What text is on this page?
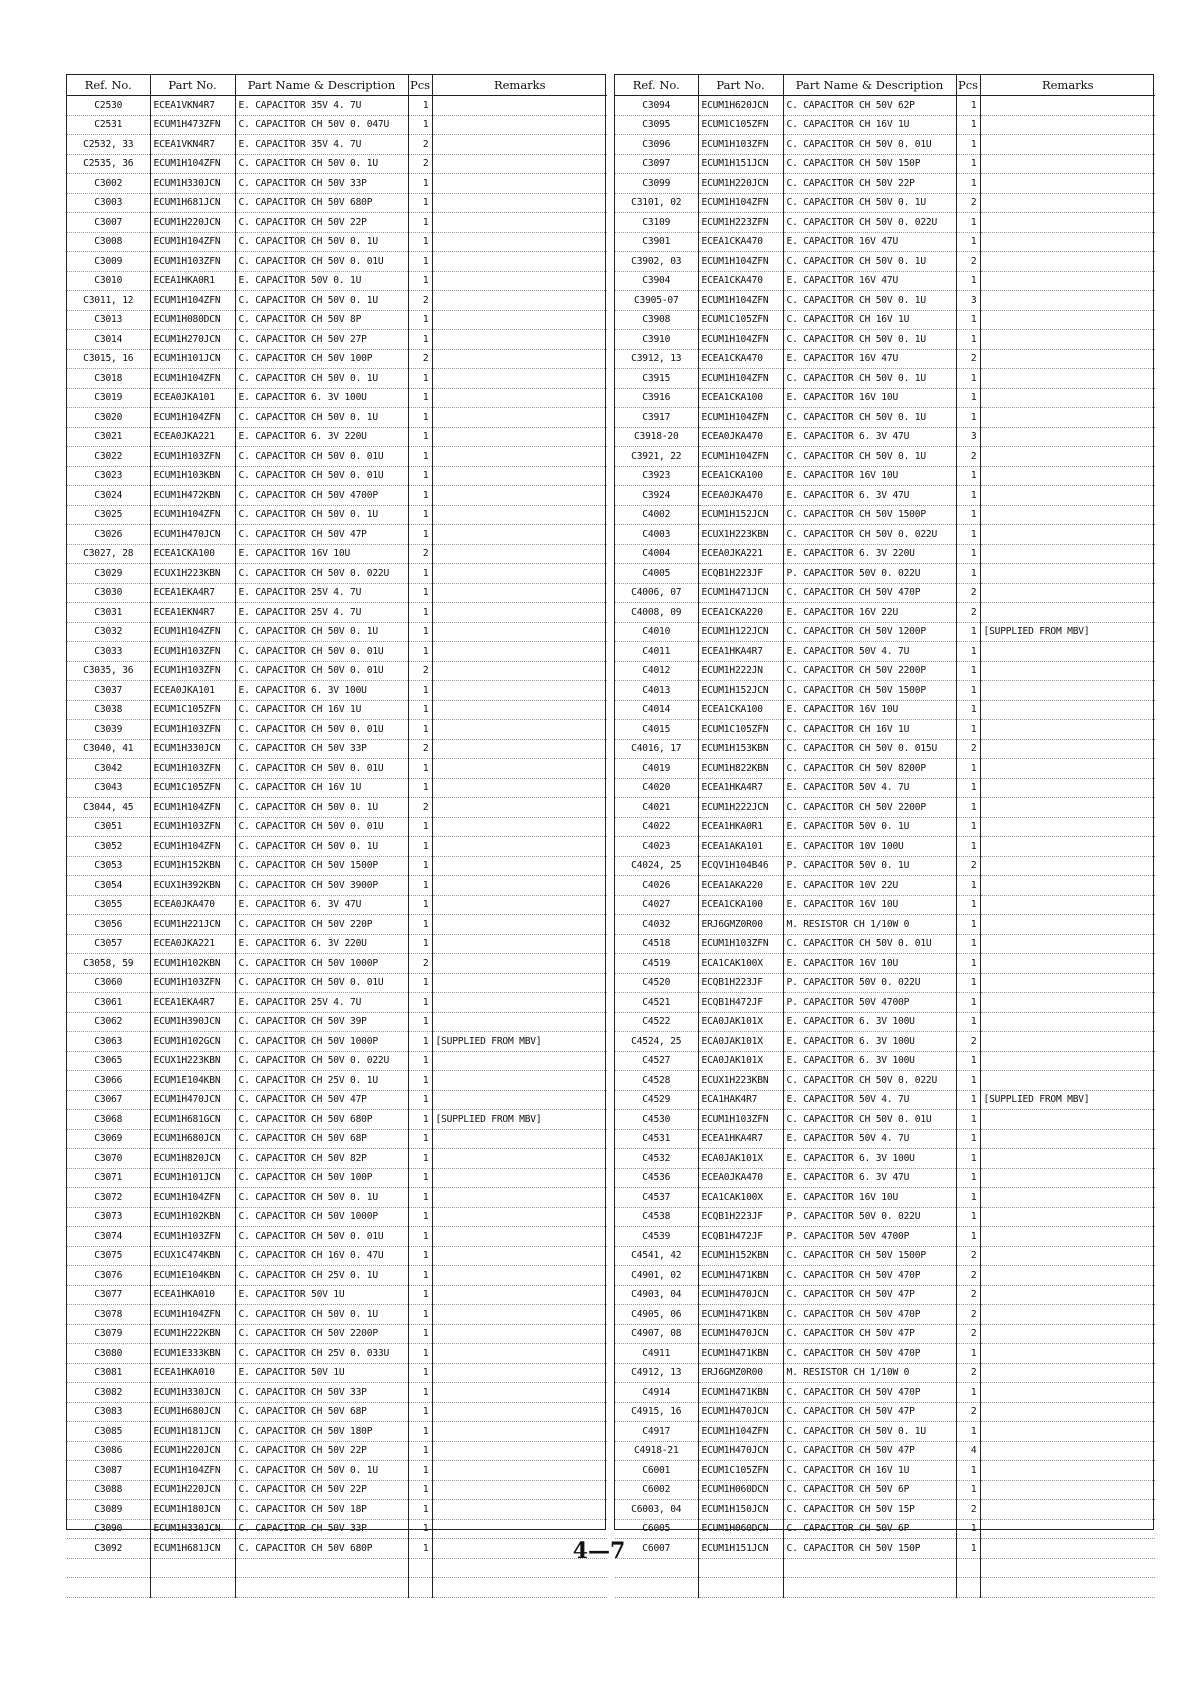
Ref. No.	Part No.	Part Name & Description	Pcs	Remarks
C2530	ECEA1VKN4R7	E. CAPACITOR 35V 4. 7U	1	
C2531	ECUM1H473ZFN	C. CAPACITOR CH 50V 0. 047U	1	
C2532, 33	ECEA1VKN4R7	E. CAPACITOR 35V 4. 7U	2	
C2535, 36	ECUM1H104ZFN	C. CAPACITOR CH 50V 0. 1U	2	
C3002	ECUM1H330JCN	C. CAPACITOR CH 50V 33P	1	
C3003	ECUM1H681JCN	C. CAPACITOR CH 50V 680P	1	
C3007	ECUM1H220JCN	C. CAPACITOR CH 50V 22P	1	
C3008	ECUM1H104ZFN	C. CAPACITOR CH 50V 0. 1U	1	
C3009	ECUM1H103ZFN	C. CAPACITOR CH 50V 0. 01U	1	
C3010	ECEA1HKA0R1	E. CAPACITOR 50V 0. 1U	1	
C3011, 12	ECUM1H104ZFN	C. CAPACITOR CH 50V 0. 1U	2	
C3013	ECUM1H080DCN	C. CAPACITOR CH 50V 8P	1	
C3014	ECUM1H270JCN	C. CAPACITOR CH 50V 27P	1	
C3015, 16	ECUM1H101JCN	C. CAPACITOR CH 50V 100P	2	
C3018	ECUM1H104ZFN	C. CAPACITOR CH 50V 0. 1U	1	
C3019	ECEA0JKA101	E. CAPACITOR 6. 3V 100U	1	
C3020	ECUM1H104ZFN	C. CAPACITOR CH 50V 0. 1U	1	
C3021	ECEA0JKA221	E. CAPACITOR 6. 3V 220U	1	
C3022	ECUM1H103ZFN	C. CAPACITOR CH 50V 0. 01U	1	
C3023	ECUM1H103KBN	C. CAPACITOR CH 50V 0. 01U	1	
C3024	ECUM1H472KBN	C. CAPACITOR CH 50V 4700P	1	
C3025	ECUM1H104ZFN	C. CAPACITOR CH 50V 0. 1U	1	
C3026	ECUM1H470JCN	C. CAPACITOR CH 50V 47P	1	
C3027, 28	ECEA1CKA100	E. CAPACITOR 16V 10U	2	
C3029	ECUX1H223KBN	C. CAPACITOR CH 50V 0. 022U	1	
C3030	ECEA1EKA4R7	E. CAPACITOR 25V 4. 7U	1	
C3031	ECEA1EKN4R7	E. CAPACITOR 25V 4. 7U	1	
C3032	ECUM1H104ZFN	C. CAPACITOR CH 50V 0. 1U	1	
C3033	ECUM1H103ZFN	C. CAPACITOR CH 50V 0. 01U	1	
C3035, 36	ECUM1H103ZFN	C. CAPACITOR CH 50V 0. 01U	2	
C3037	ECEA0JKA101	E. CAPACITOR 6. 3V 100U	1	
C3038	ECUM1C105ZFN	C. CAPACITOR CH 16V 1U	1	
C3039	ECUM1H103ZFN	C. CAPACITOR CH 50V 0. 01U	1	
C3040, 41	ECUM1H330JCN	C. CAPACITOR CH 50V 33P	2	
C3042	ECUM1H103ZFN	C. CAPACITOR CH 50V 0. 01U	1	
C3043	ECUM1C105ZFN	C. CAPACITOR CH 16V 1U	1	
C3044, 45	ECUM1H104ZFN	C. CAPACITOR CH 50V 0. 1U	2	
C3051	ECUM1H103ZFN	C. CAPACITOR CH 50V 0. 01U	1	
C3052	ECUM1H104ZFN	C. CAPACITOR CH 50V 0. 1U	1	
C3053	ECUM1H152KBN	C. CAPACITOR CH 50V 1500P	1	
C3054	ECUX1H392KBN	C. CAPACITOR CH 50V 3900P	1	
C3055	ECEA0JKA470	E. CAPACITOR 6. 3V 47U	1	
C3056	ECUM1H221JCN	C. CAPACITOR CH 50V 220P	1	
C3057	ECEA0JKA221	E. CAPACITOR 6. 3V 220U	1	
C3058, 59	ECUM1H102KBN	C. CAPACITOR CH 50V 1000P	2	
C3060	ECUM1H103ZFN	C. CAPACITOR CH 50V 0. 01U	1	
C3061	ECEA1EKA4R7	E. CAPACITOR 25V 4. 7U	1	
C3062	ECUM1H390JCN	C. CAPACITOR CH 50V 39P	1	
C3063	ECUM1H102GCN	C. CAPACITOR CH 50V 1000P	1	[SUPPLIED FROM MBV]
C3065	ECUX1H223KBN	C. CAPACITOR CH 50V 0. 022U	1	
C3066	ECUM1E104KBN	C. CAPACITOR CH 25V 0. 1U	1	
C3067	ECUM1H470JCN	C. CAPACITOR CH 50V 47P	1	
C3068	ECUM1H681GCN	C. CAPACITOR CH 50V 680P	1	[SUPPLIED FROM MBV]
C3069	ECUM1H680JCN	C. CAPACITOR CH 50V 68P	1	
C3070	ECUM1H820JCN	C. CAPACITOR CH 50V 82P	1	
C3071	ECUM1H101JCN	C. CAPACITOR CH 50V 100P	1	
C3072	ECUM1H104ZFN	C. CAPACITOR CH 50V 0. 1U	1	
C3073	ECUM1H102KBN	C. CAPACITOR CH 50V 1000P	1	
C3074	ECUM1H103ZFN	C. CAPACITOR CH 50V 0. 01U	1	
C3075	ECUX1C474KBN	C. CAPACITOR CH 16V 0. 47U	1	
C3076	ECUM1E104KBN	C. CAPACITOR CH 25V 0. 1U	1	
C3077	ECEA1HKA010	E. CAPACITOR 50V 1U	1	
C3078	ECUM1H104ZFN	C. CAPACITOR CH 50V 0. 1U	1	
C3079	ECUM1H222KBN	C. CAPACITOR CH 50V 2200P	1	
C3080	ECUM1E333KBN	C. CAPACITOR CH 25V 0. 033U	1	
C3081	ECEA1HKA010	E. CAPACITOR 50V 1U	1	
C3082	ECUM1H330JCN	C. CAPACITOR CH 50V 33P	1	
C3083	ECUM1H680JCN	C. CAPACITOR CH 50V 68P	1	
C3085	ECUM1H181JCN	C. CAPACITOR CH 50V 180P	1	
C3086	ECUM1H220JCN	C. CAPACITOR CH 50V 22P	1	
C3087	ECUM1H104ZFN	C. CAPACITOR CH 50V 0. 1U	1	
C3088	ECUM1H220JCN	C. CAPACITOR CH 50V 22P	1	
C3089	ECUM1H180JCN	C. CAPACITOR CH 50V 18P	1	
C3090	ECUM1H330JCN	C. CAPACITOR CH 50V 33P	1	
C3092	ECUM1H681JCN	C. CAPACITOR CH 50V 680P	1	

Ref. No.	Part No.	Part Name & Description	Pcs	Remarks
C3094	ECUM1H620JCN	C. CAPACITOR CH 50V 62P	1	
C3095	ECUM1C105ZFN	C. CAPACITOR CH 16V 1U	1	
C3096	ECUM1H103ZFN	C. CAPACITOR CH 50V 0. 01U	1	
C3097	ECUM1H151JCN	C. CAPACITOR CH 50V 150P	1	
C3099	ECUM1H220JCN	C. CAPACITOR CH 50V 22P	1	
C3101, 02	ECUM1H104ZFN	C. CAPACITOR CH 50V 0. 1U	2	
C3109	ECUM1H223ZFN	C. CAPACITOR CH 50V 0. 022U	1	
C3901	ECEA1CKA470	E. CAPACITOR 16V 47U	1	
C3902, 03	ECUM1H104ZFN	C. CAPACITOR CH 50V 0. 1U	2	
C3904	ECEA1CKA470	E. CAPACITOR 16V 47U	1	
C3905-07	ECUM1H104ZFN	C. CAPACITOR CH 50V 0. 1U	3	
C3908	ECUM1C105ZFN	C. CAPACITOR CH 16V 1U	1	
C3910	ECUM1H104ZFN	C. CAPACITOR CH 50V 0. 1U	1	
C3912, 13	ECEA1CKA470	E. CAPACITOR 16V 47U	2	
C3915	ECUM1H104ZFN	C. CAPACITOR CH 50V 0. 1U	1	
C3916	ECEA1CKA100	E. CAPACITOR 16V 10U	1	
C3917	ECUM1H104ZFN	C. CAPACITOR CH 50V 0. 1U	1	
C3918-20	ECEA0JKA470	E. CAPACITOR 6. 3V 47U	3	
C3921, 22	ECUM1H104ZFN	C. CAPACITOR CH 50V 0. 1U	2	
C3923	ECEA1CKA100	E. CAPACITOR 16V 10U	1	
C3924	ECEA0JKA470	E. CAPACITOR 6. 3V 47U	1	
C4002	ECUM1H152JCN	C. CAPACITOR CH 50V 1500P	1	
C4003	ECUX1H223KBN	C. CAPACITOR CH 50V 0. 022U	1	
C4004	ECEA0JKA221	E. CAPACITOR 6. 3V 220U	1	
C4005	ECQB1H223JF	P. CAPACITOR 50V 0. 022U	1	
C4006, 07	ECUM1H471JCN	C. CAPACITOR CH 50V 470P	2	
C4008, 09	ECEA1CKA220	E. CAPACITOR 16V 22U	2	
C4010	ECUM1H122JCN	C. CAPACITOR CH 50V 1200P	1	[SUPPLIED FROM MBV]
C4011	ECEA1HKA4R7	E. CAPACITOR 50V 4. 7U	1	
C4012	ECUM1H222JN	C. CAPACITOR CH 50V 2200P	1	
C4013	ECUM1H152JCN	C. CAPACITOR CH 50V 1500P	1	
C4014	ECEA1CKA100	E. CAPACITOR 16V 10U	1	
C4015	ECUM1C105ZFN	C. CAPACITOR CH 16V 1U	1	
C4016, 17	ECUM1H153KBN	C. CAPACITOR CH 50V 0. 015U	2	
C4019	ECUM1H822KBN	C. CAPACITOR CH 50V 8200P	1	
C4020	ECEA1HKA4R7	E. CAPACITOR 50V 4. 7U	1	
C4021	ECUM1H222JCN	C. CAPACITOR CH 50V 2200P	1	
C4022	ECEA1HKA0R1	E. CAPACITOR 50V 0. 1U	1	
C4023	ECEA1AKA101	E. CAPACITOR 10V 100U	1	
C4024, 25	ECQV1H104B46	P. CAPACITOR 50V 0. 1U	2	
C4026	ECEA1AKA220	E. CAPACITOR 10V 22U	1	
C4027	ECEA1CKA100	E. CAPACITOR 16V 10U	1	
C4032	ERJ6GMZ0R00	M. RESISTOR CH 1/10W 0	1	
C4518	ECUM1H103ZFN	C. CAPACITOR CH 50V 0. 01U	1	
C4519	ECA1CAK100X	E. CAPACITOR 16V 10U	1	
C4520	ECQB1H223JF	P. CAPACITOR 50V 0. 022U	1	
C4521	ECQB1H472JF	P. CAPACITOR 50V 4700P	1	
C4522	ECA0JAK101X	E. CAPACITOR 6. 3V 100U	1	
C4524, 25	ECA0JAK101X	E. CAPACITOR 6. 3V 100U	2	
C4527	ECA0JAK101X	E. CAPACITOR 6. 3V 100U	1	
C4528	ECUX1H223KBN	C. CAPACITOR CH 50V 0. 022U	1	
C4529	ECA1HAK4R7	E. CAPACITOR 50V 4. 7U	1	[SUPPLIED FROM MBV]
C4530	ECUM1H103ZFN	C. CAPACITOR CH 50V 0. 01U	1	
C4531	ECEA1HKA4R7	E. CAPACITOR 50V 4. 7U	1	
C4532	ECA0JAK101X	E. CAPACITOR 6. 3V 100U	1	
C4536	ECEA0JKA470	E. CAPACITOR 6. 3V 47U	1	
C4537	ECA1CAK100X	E. CAPACITOR 16V 10U	1	
C4538	ECQB1H223JF	P. CAPACITOR 50V 0. 022U	1	
C4539	ECQB1H472JF	P. CAPACITOR 50V 4700P	1	
C4541, 42	ECUM1H152KBN	C. CAPACITOR CH 50V 1500P	2	
C4901, 02	ECUM1H471KBN	C. CAPACITOR CH 50V 470P	2	
C4903, 04	ECUM1H470JCN	C. CAPACITOR CH 50V 47P	2	
C4905, 06	ECUM1H471KBN	C. CAPACITOR CH 50V 470P	2	
C4907, 08	ECUM1H470JCN	C. CAPACITOR CH 50V 47P	2	
C4911	ECUM1H471KBN	C. CAPACITOR CH 50V 470P	1	
C4912, 13	ERJ6GMZ0R00	M. RESISTOR CH 1/10W 0	2	
C4914	ECUM1H471KBN	C. CAPACITOR CH 50V 470P	1	
C4915, 16	ECUM1H470JCN	C. CAPACITOR CH 50V 47P	2	
C4917	ECUM1H104ZFN	C. CAPACITOR CH 50V 0. 1U	1	
C4918-21	ECUM1H470JCN	C. CAPACITOR CH 50V 47P	4	
C6001	ECUM1C105ZFN	C. CAPACITOR CH 16V 1U	1	
C6002	ECUM1H060DCN	C. CAPACITOR CH 50V 6P	1	
C6003, 04	ECUM1H150JCN	C. CAPACITOR CH 50V 15P	2	
C6005	ECUM1H060DCN	C. CAPACITOR CH 50V 6P	1	
C6007	ECUM1H151JCN	C. CAPACITOR CH 50V 150P	1	

4—7
